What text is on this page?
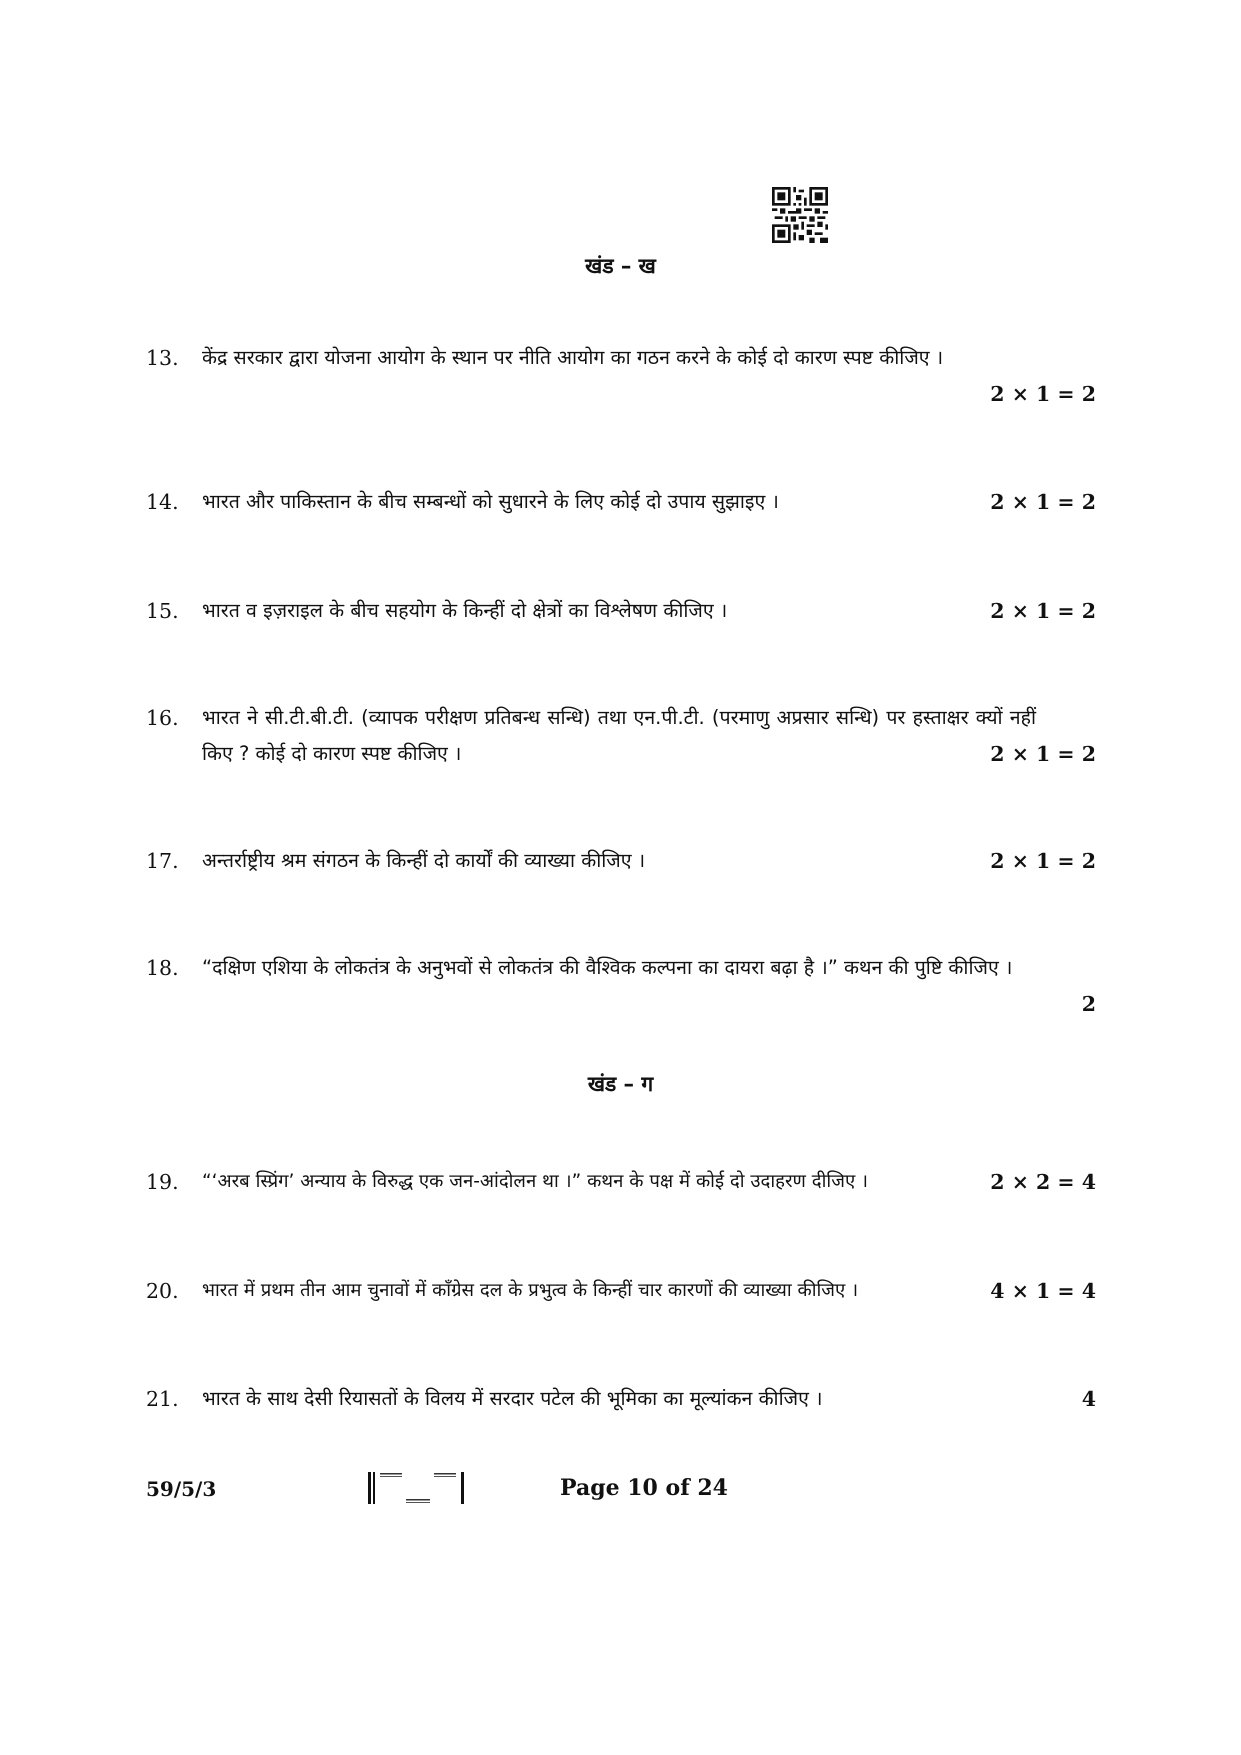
खंड – ख
13.	केंद्र सरकार द्वारा योजना आयोग के स्थान पर नीति आयोग का गठन करने के कोई दो कारण स्पष्ट कीजिए ।
2 × 1 = 2
14.	भारत और पाकिस्तान के बीच सम्बन्धों को सुधारने के लिए कोई दो उपाय सुझाइए ।	2 × 1 = 2
15.	भारत व इज़राइल के बीच सहयोग के किन्हीं दो क्षेत्रों का विश्लेषण कीजिए ।	2 × 1 = 2
16.	भारत ने सी.टी.बी.टी. (व्यापक परीक्षण प्रतिबन्ध सन्धि) तथा एन.पी.टी. (परमाणु अप्रसार सन्धि) पर हस्ताक्षर क्यों नहीं किए ? कोई दो कारण स्पष्ट कीजिए ।	2 × 1 = 2
17.	अन्तर्राष्ट्रीय श्रम संगठन के किन्हीं दो कार्यों की व्याख्या कीजिए ।	2 × 1 = 2
18.	“दक्षिण एशिया के लोकतंत्र के अनुभवों से लोकतंत्र की वैश्विक कल्पना का दायरा बढ़ा है ।” कथन की पुष्टि कीजिए ।
2
खंड – ग
19.	“‘अरब स्प्रिंग’ अन्याय के विरुद्ध एक जन-आंदोलन था ।” कथन के पक्ष में कोई दो उदाहरण दीजिए ।	2 × 2 = 4
20.	भारत में प्रथम तीन आम चुनावों में काँग्रेस दल के प्रभुत्व के किन्हीं चार कारणों की व्याख्या कीजिए ।	4 × 1 = 4
21.	भारत के साथ देसी रियासतों के विलय में सरदार पटेल की भूमिका का मूल्यांकन कीजिए ।	4
59/5/3	Page 10 of 24
